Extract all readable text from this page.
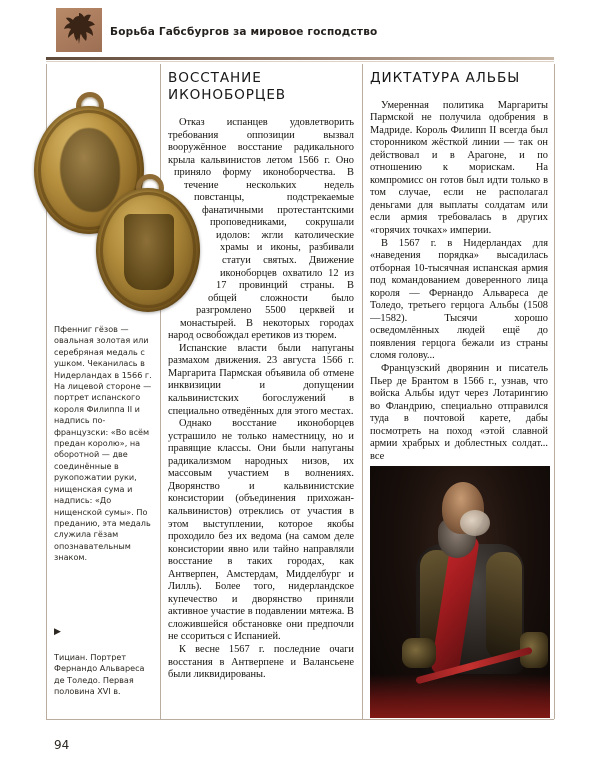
Борьба Габсбургов за мировое господство
ВОССТАНИЕ ИКОНОБОРЦЕВ

Отказ испанцев удовлетворить требования оппозиции вызвал вооружённое восстание радикального крыла кальвинистов летом 1566 г. Оно приняло форму иконоборчества. В течение нескольких недель повстанцы, подстрекаемые фанатичными протестантскими проповедниками, сокрушали идолов: жгли католические храмы и иконы, разбивали статуи святых. Движение иконоборцев охватило 12 из 17 провинций страны. В общей сложности было разгромлено 5500 церквей и монастырей. В некоторых городах народ освобождал еретиков из тюрем.

Испанские власти были напуганы размахом движения. 23 августа 1566 г. Маргарита Пармская объявила об отмене инквизиции и допущении кальвинистских богослужений в специально отведённых для этого местах.

Однако восстание иконоборцев устрашило не только наместницу, но и правящие классы. Они были напуганы радикализмом народных низов, их массовым участием в волнениях. Дворянство и кальвинистские консистории (объединения прихожан-кальвинистов) отреклись от участия в этом выступлении, которое якобы проходило без их ведома (на самом деле консистории явно или тайно направляли восстание в таких городах, как Антверпен, Амстердам, Мидделбург и Лилль). Более того, нидерландское купечество и дворянство приняли активное участие в подавлении мятежа. В сложившейся обстановке они предпочли не ссориться с Испанией.

К весне 1567 г. последние очаги восстания в Антверпене и Валансьене были ликвидированы.

ДИКТАТУРА АЛЬБЫ

Умеренная политика Маргариты Пармской не получила одобрения в Мадриде. Король Филипп II всегда был сторонником жёсткой линии — так он действовал и в Арагоне, и по отношению к морискам. На компромисс он готов был идти только в том случае, если не располагал деньгами для выплаты солдатам или если армия требовалась в других «горячих точках» империи.

В 1567 г. в Нидерландах для «наведения порядка» высадилась отборная 10-тысячная испанская армия под командованием доверенного лица короля — Фернандо Альвареса де Толедо, третьего герцога Альбы (1508—1582). Тысячи хорошо осведомлённых людей ещё до появления герцога бежали из страны сломя голову...

Французский дворянин и писатель Пьер де Брантом в 1566 г., узнав, что войска Альбы идут через Лотарингию во Фландрию, специально отправился туда в почтовой карете, дабы посмотреть на поход «этой славной армии храбрых и доблестных солдат... все

Пфенниг гёзов — овальная золотая или серебряная медаль с ушком. Чеканилась в Нидерландах в 1566 г. На лицевой стороне — портрет испанского короля Филиппа II и надпись по-французски: «Во всём предан королю», на оборотной — две соединённые в рукопожатии руки, нищенская сума и надпись: «До нищенской сумы». По преданию, эта медаль служила гёзам опознавательным знаком.
▶
Тициан. Портрет Фернандо Альвареса де Толедо. Первая половина XVI в.
94
